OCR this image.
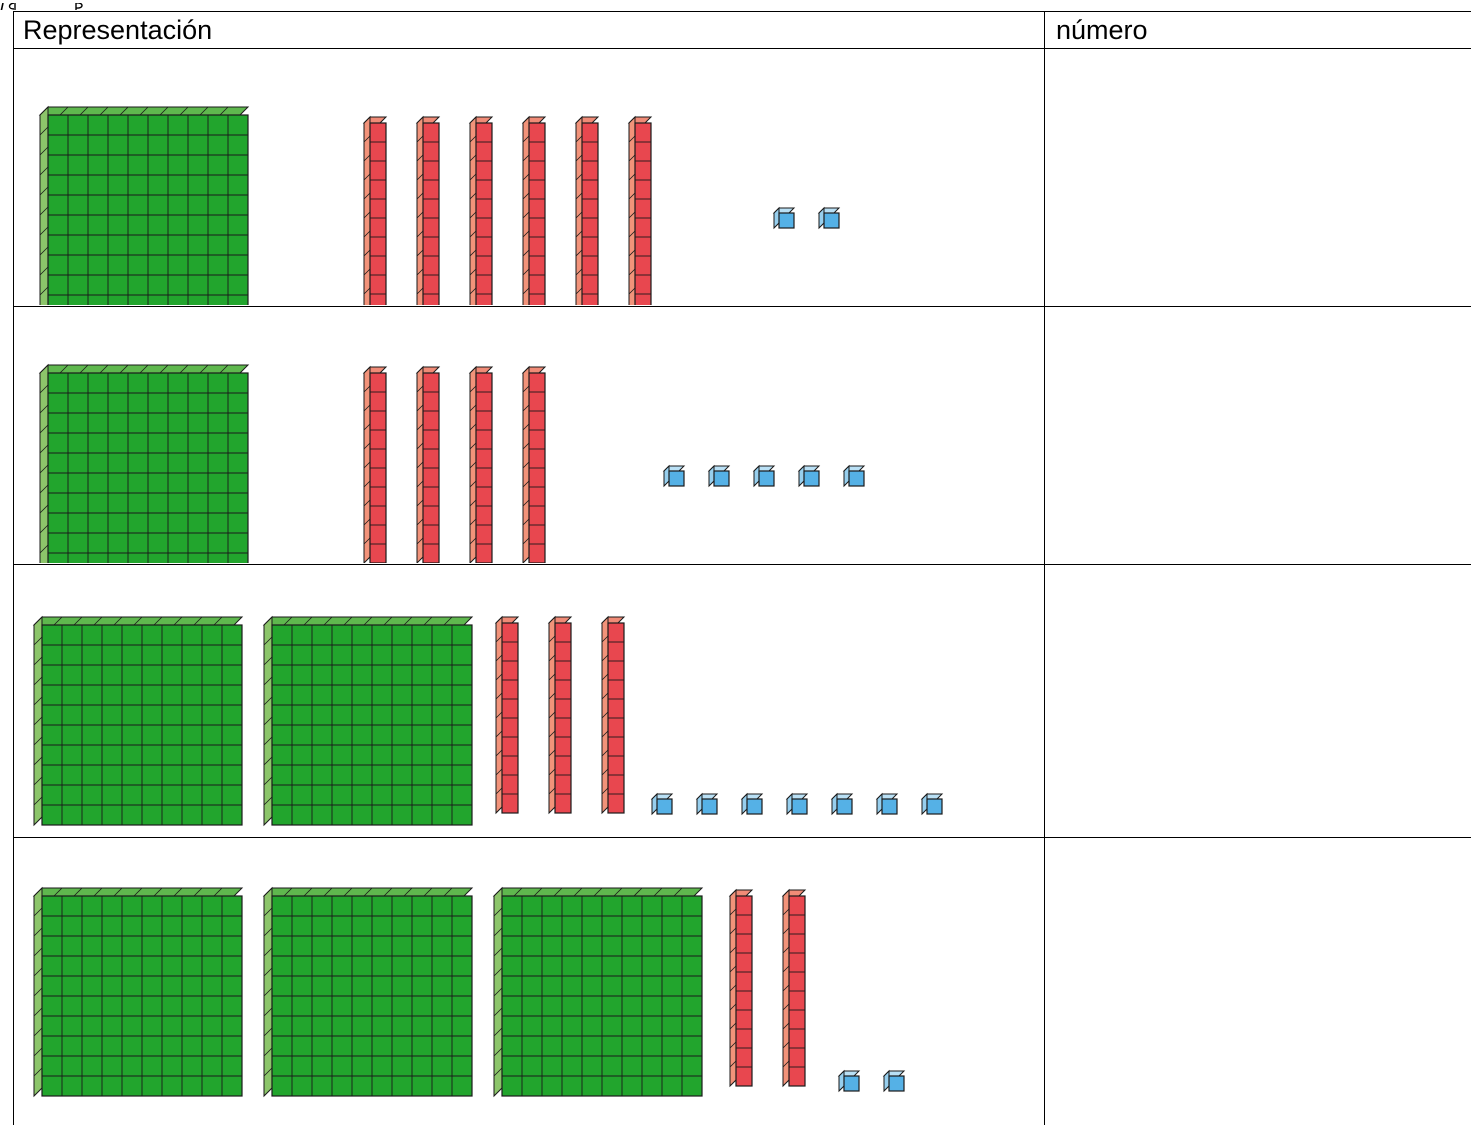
Representación	número
